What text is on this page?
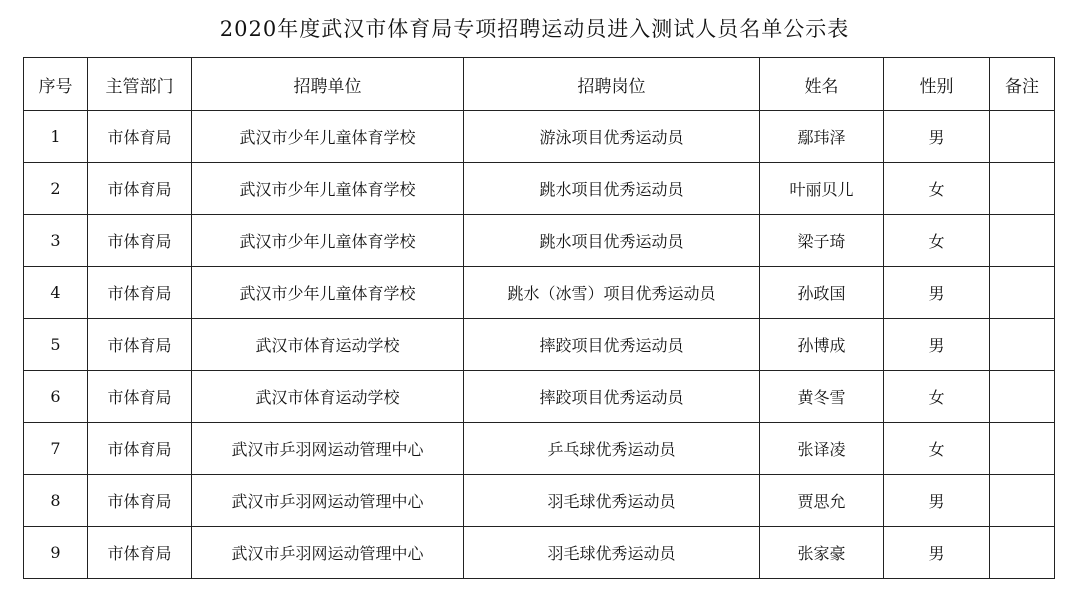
2020年度武汉市体育局专项招聘运动员进入测试人员名单公示表
序号	主管部门	招聘单位	招聘岗位	姓名	性别	备注
1	市体育局	武汉市少年儿童体育学校	游泳项目优秀运动员	鄢玮泽	男	
2	市体育局	武汉市少年儿童体育学校	跳水项目优秀运动员	叶丽贝儿	女	
3	市体育局	武汉市少年儿童体育学校	跳水项目优秀运动员	梁子琦	女	
4	市体育局	武汉市少年儿童体育学校	跳水（冰雪）项目优秀运动员	孙政国	男	
5	市体育局	武汉市体育运动学校	摔跤项目优秀运动员	孙博成	男	
6	市体育局	武汉市体育运动学校	摔跤项目优秀运动员	黄冬雪	女	
7	市体育局	武汉市乒羽网运动管理中心	乒乓球优秀运动员	张译凌	女	
8	市体育局	武汉市乒羽网运动管理中心	羽毛球优秀运动员	贾思允	男	
9	市体育局	武汉市乒羽网运动管理中心	羽毛球优秀运动员	张家豪	男	
